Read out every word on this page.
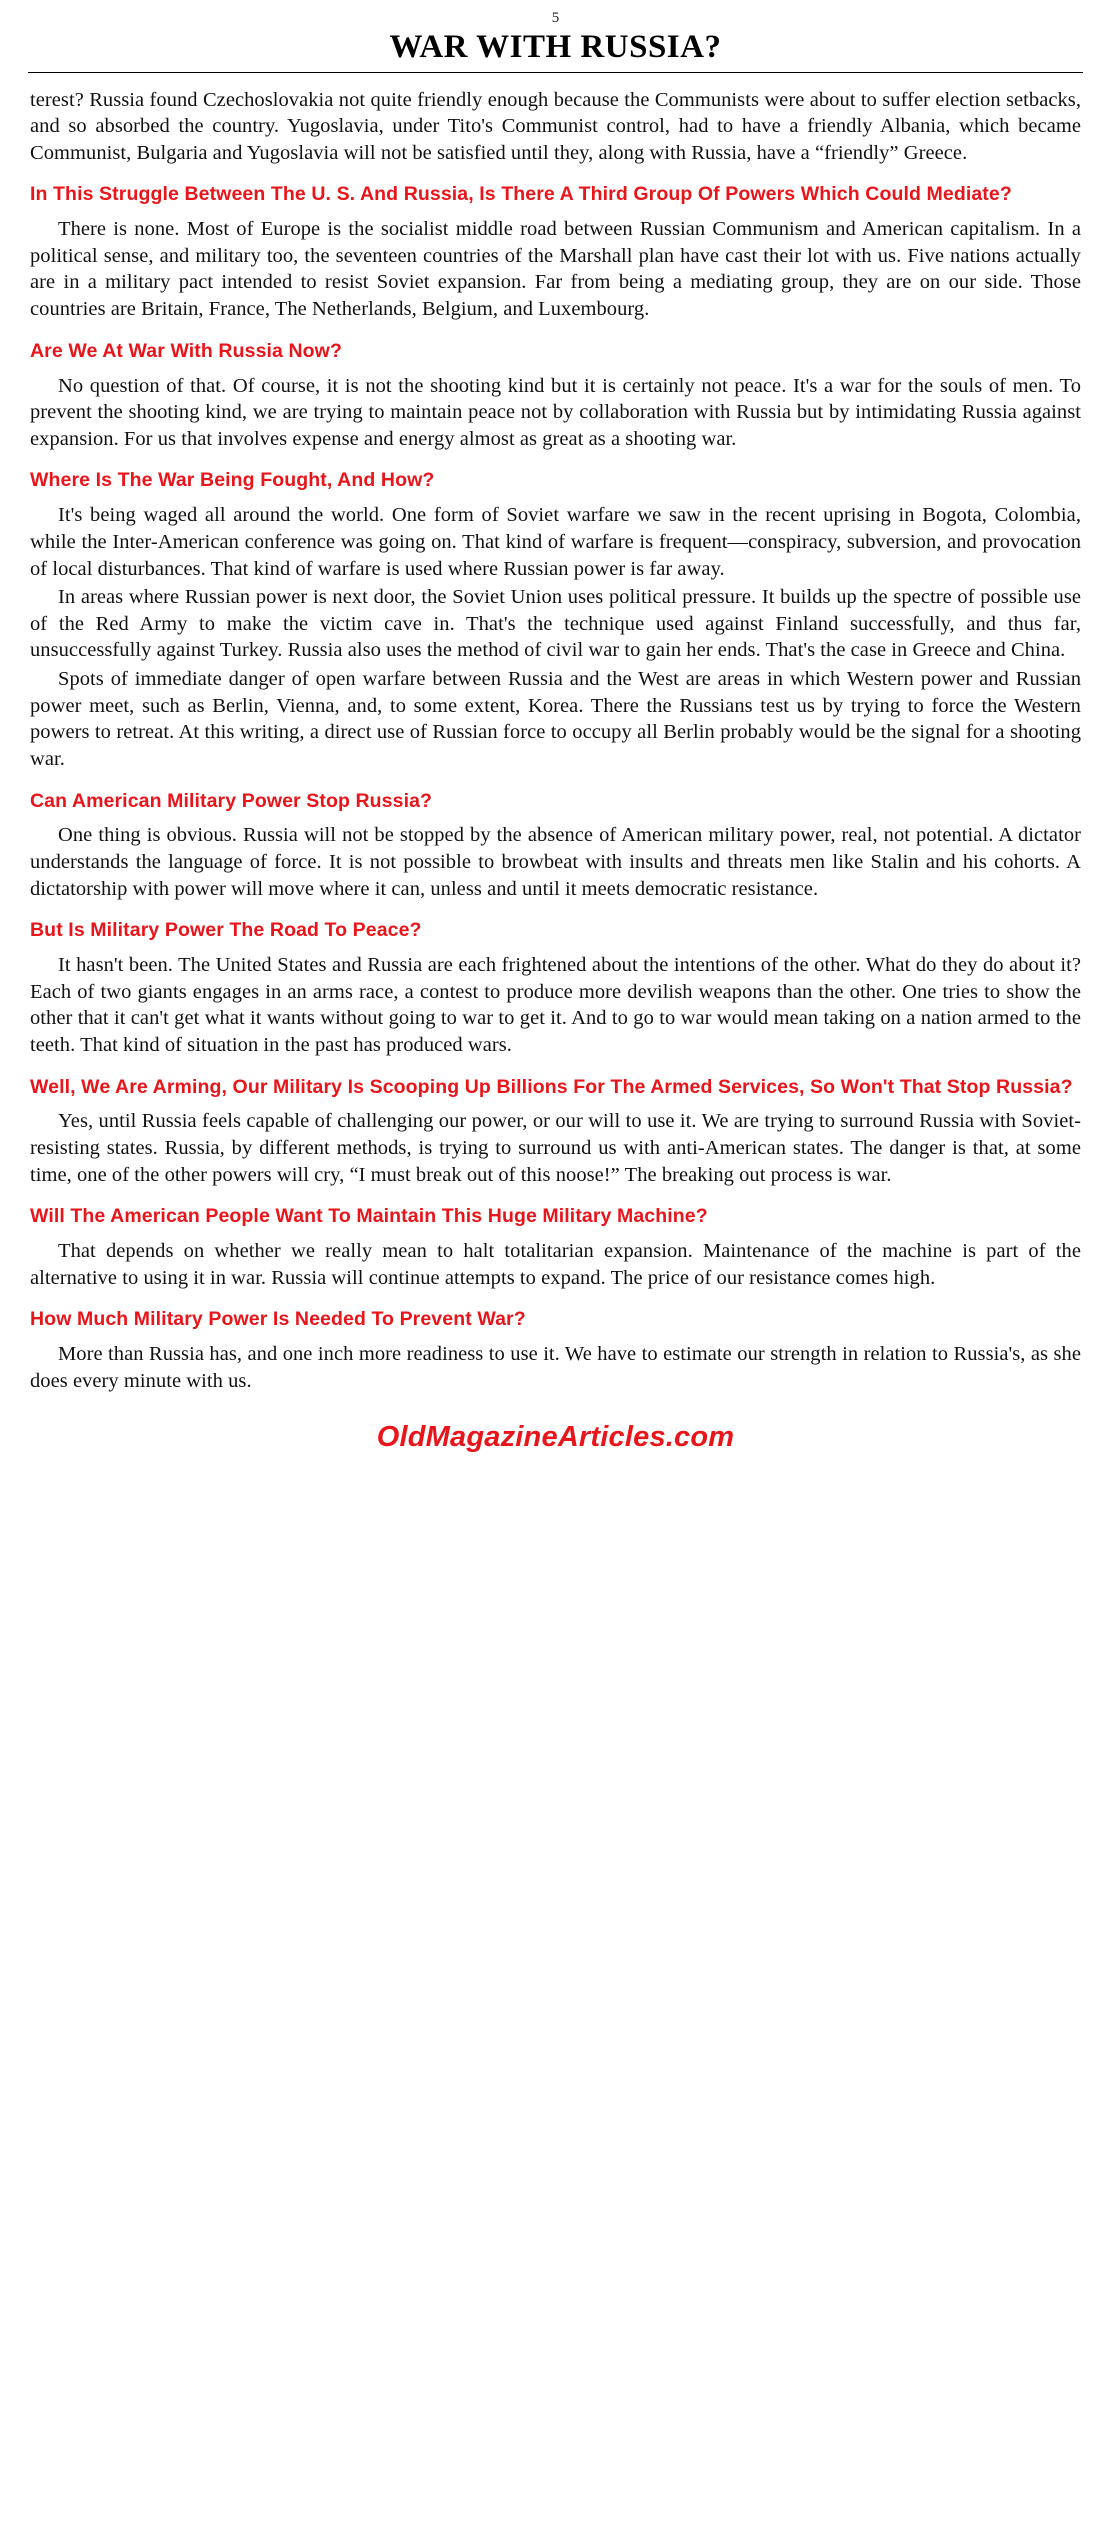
5
WAR WITH RUSSIA?

terest? Russia found Czechoslovakia not quite friendly enough because the Communists were about to suffer election setbacks, and so absorbed the country. Yugoslavia, under Tito's Communist control, had to have a friendly Albania, which became Communist, Bulgaria and Yugoslavia will not be satisfied until they, along with Russia, have a “friendly” Greece.

In This Struggle Between The U. S. And Russia, Is There A Third Group Of Powers Which Could Mediate?

There is none. Most of Europe is the socialist middle road between Russian Communism and American capitalism. In a political sense, and military too, the seventeen countries of the Marshall plan have cast their lot with us. Five nations actually are in a military pact intended to resist Soviet expansion. Far from being a mediating group, they are on our side. Those countries are Britain, France, The Netherlands, Belgium, and Luxembourg.

Are We At War With Russia Now?

No question of that. Of course, it is not the shooting kind but it is certainly not peace. It's a war for the souls of men. To prevent the shooting kind, we are trying to maintain peace not by collaboration with Russia but by intimidating Russia against expansion. For us that involves expense and energy almost as great as a shooting war.

Where Is The War Being Fought, And How?

It's being waged all around the world. One form of Soviet warfare we saw in the recent uprising in Bogota, Colombia, while the Inter-American conference was going on. That kind of warfare is frequent—conspiracy, subversion, and provocation of local disturbances. That kind of warfare is used where Russian power is far away.

In areas where Russian power is next door, the Soviet Union uses political pressure. It builds up the spectre of possible use of the Red Army to make the victim cave in. That's the technique used against Finland successfully, and thus far, unsuccessfully against Turkey. Russia also uses the method of civil war to gain her ends. That's the case in Greece and China.

Spots of immediate danger of open warfare between Russia and the West are areas in which Western power and Russian power meet, such as Berlin, Vienna, and, to some extent, Korea. There the Russians test us by trying to force the Western powers to retreat. At this writing, a direct use of Russian force to occupy all Berlin probably would be the signal for a shooting war.

Can American Military Power Stop Russia?

One thing is obvious. Russia will not be stopped by the absence of American military power, real, not potential. A dictator understands the language of force. It is not possible to browbeat with insults and threats men like Stalin and his cohorts. A dictatorship with power will move where it can, unless and until it meets democratic resistance.

But Is Military Power The Road To Peace?

It hasn't been. The United States and Russia are each frightened about the intentions of the other. What do they do about it? Each of two giants engages in an arms race, a contest to produce more devilish weapons than the other. One tries to show the other that it can't get what it wants without going to war to get it. And to go to war would mean taking on a nation armed to the teeth. That kind of situation in the past has produced wars.

Well, We Are Arming, Our Military Is Scooping Up Billions For The Armed Services, So Won't That Stop Russia?

Yes, until Russia feels capable of challenging our power, or our will to use it. We are trying to surround Russia with Soviet-resisting states. Russia, by different methods, is trying to surround us with anti-American states. The danger is that, at some time, one of the other powers will cry, “I must break out of this noose!” The breaking out process is war.

Will The American People Want To Maintain This Huge Military Machine?

That depends on whether we really mean to halt totalitarian expansion. Maintenance of the machine is part of the alternative to using it in war. Russia will continue attempts to expand. The price of our resistance comes high.

How Much Military Power Is Needed To Prevent War?

More than Russia has, and one inch more readiness to use it. We have to estimate our strength in relation to Russia's, as she does every minute with us.

OldMagazineArticles.com
